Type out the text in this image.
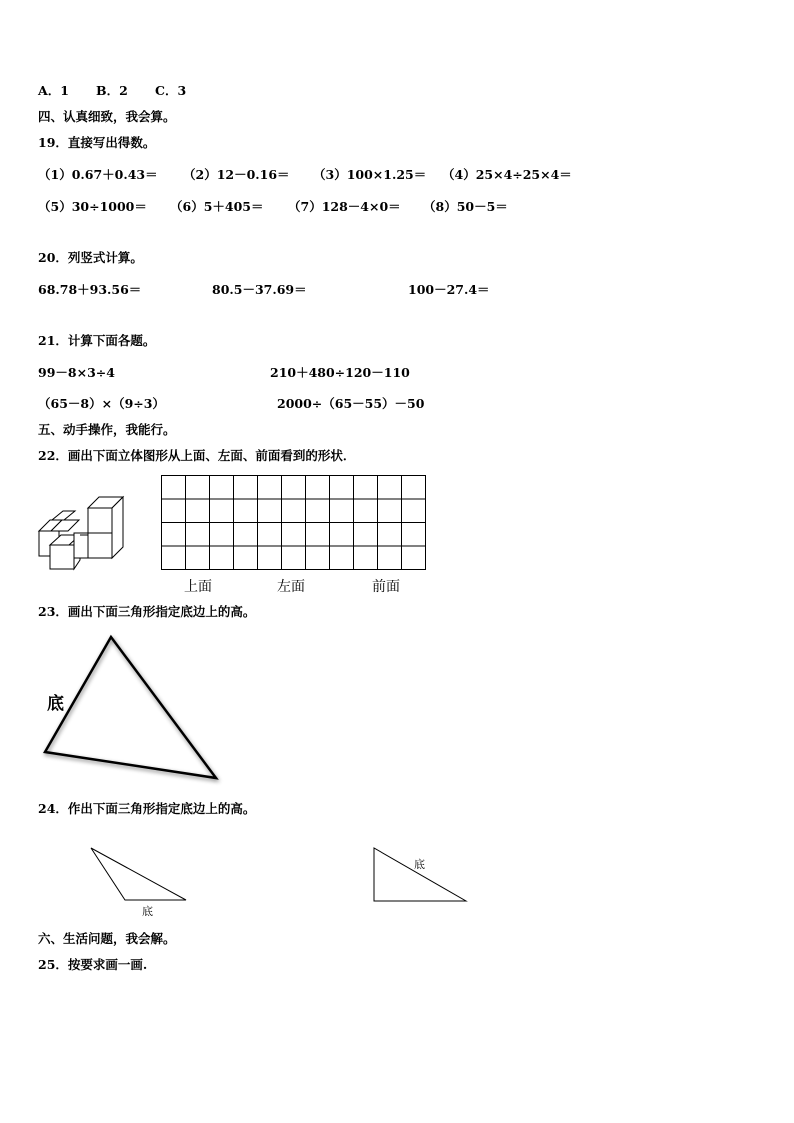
A．1 B．2 C．3
四、认真细致，我会算。
19．直接写出得数。
（1）0.67＋0.43＝ （2）12－0.16＝ （3）100×1.25＝ （4）25×4÷25×4＝
（5）30÷1000＝ （6）5＋405＝ （7）128－4×0＝ （8）50－5＝
20．列竖式计算。
68.78＋93.56＝	80.5－37.69＝	100－27.4＝
21．计算下面各题。
99－8×3÷4	210＋480÷120－110
（65－8）×（9÷3）	2000÷（65－55）－50
五、动手操作，我能行。
22．画出下面立体图形从上面、左面、前面看到的形状．
上面	左面	前面
23．画出下面三角形指定底边上的高。
底
24．作出下面三角形指定底边上的高。
底
底
六、生活问题，我会解。
25．按要求画一画.
